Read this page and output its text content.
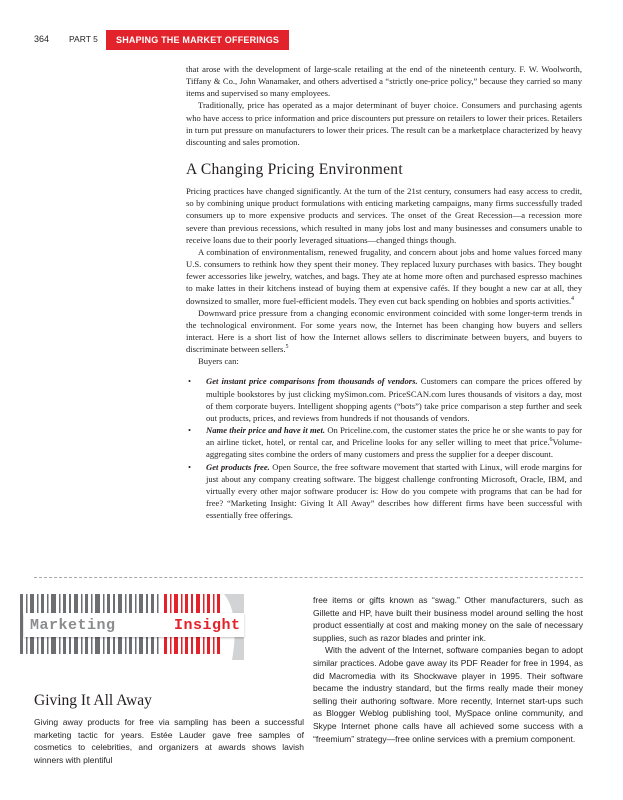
364 PART 5	SHAPING THE MARKET OFFERINGS

that arose with the development of large-scale retailing at the end of the nineteenth century. F. W. Woolworth, Tiffany & Co., John Wanamaker, and others advertised a “strictly one-price policy,” because they carried so many items and supervised so many employees.

Traditionally, price has operated as a major determinant of buyer choice. Consumers and purchasing agents who have access to price information and price discounters put pressure on retailers to lower their prices. Retailers in turn put pressure on manufacturers to lower their prices. The result can be a marketplace characterized by heavy discounting and sales promotion.

A Changing Pricing Environment

Pricing practices have changed significantly. At the turn of the 21st century, consumers had easy access to credit, so by combining unique product formulations with enticing marketing campaigns, many firms successfully traded consumers up to more expensive products and services. The onset of the Great Recession—a recession more severe than previous recessions, which resulted in many jobs lost and many businesses and consumers unable to receive loans due to their poorly leveraged situations—changed things though.

A combination of environmentalism, renewed frugality, and concern about jobs and home values forced many U.S. consumers to rethink how they spent their money. They replaced luxury purchases with basics. They bought fewer accessories like jewelry, watches, and bags. They ate at home more often and purchased espresso machines to make lattes in their kitchens instead of buying them at expensive cafés. If they bought a new car at all, they downsized to smaller, more fuel-efficient models. They even cut back spending on hobbies and sports activities.$^4$

Downward price pressure from a changing economic environment coincided with some longer-term trends in the technological environment. For some years now, the Internet has been changing how buyers and sellers interact. Here is a short list of how the Internet allows sellers to discriminate between buyers, and buyers to discriminate between sellers.$^5$

Buyers can:

• Get instant price comparisons from thousands of vendors. Customers can compare the prices offered by multiple bookstores by just clicking mySimon.com. PriceSCAN.com lures thousands of visitors a day, most of them corporate buyers. Intelligent shopping agents (“bots”) take price comparison a step further and seek out products, prices, and reviews from hundreds if not thousands of vendors.
• Name their price and have it met. On Priceline.com, the customer states the price he or she wants to pay for an airline ticket, hotel, or rental car, and Priceline looks for any seller willing to meet that price.$^6$Volume-aggregating sites combine the orders of many customers and press the supplier for a deeper discount.
• Get products free. Open Source, the free software movement that started with Linux, will erode margins for just about any company creating software. The biggest challenge confronting Microsoft, Oracle, IBM, and virtually every other major software producer is: How do you compete with programs that can be had for free? “Marketing Insight: Giving It All Away” describes how different firms have been successful with essentially free offerings.
Marketing	Insight
Giving It All Away

Giving away products for free via sampling has been a successful marketing tactic for years. Estée Lauder gave free samples of cosmetics to celebrities, and organizers at awards shows lavish winners with plentiful

free items or gifts known as “swag.” Other manufacturers, such as Gillette and HP, have built their business model around selling the host product essentially at cost and making money on the sale of necessary supplies, such as razor blades and printer ink.

With the advent of the Internet, software companies began to adopt similar practices. Adobe gave away its PDF Reader for free in 1994, as did Macromedia with its Shockwave player in 1995. Their software became the industry standard, but the firms really made their money selling their authoring software. More recently, Internet start-ups such as Blogger Weblog publishing tool, MySpace online community, and Skype Internet phone calls have all achieved some success with a “freemium” strategy—free online services with a premium component.
